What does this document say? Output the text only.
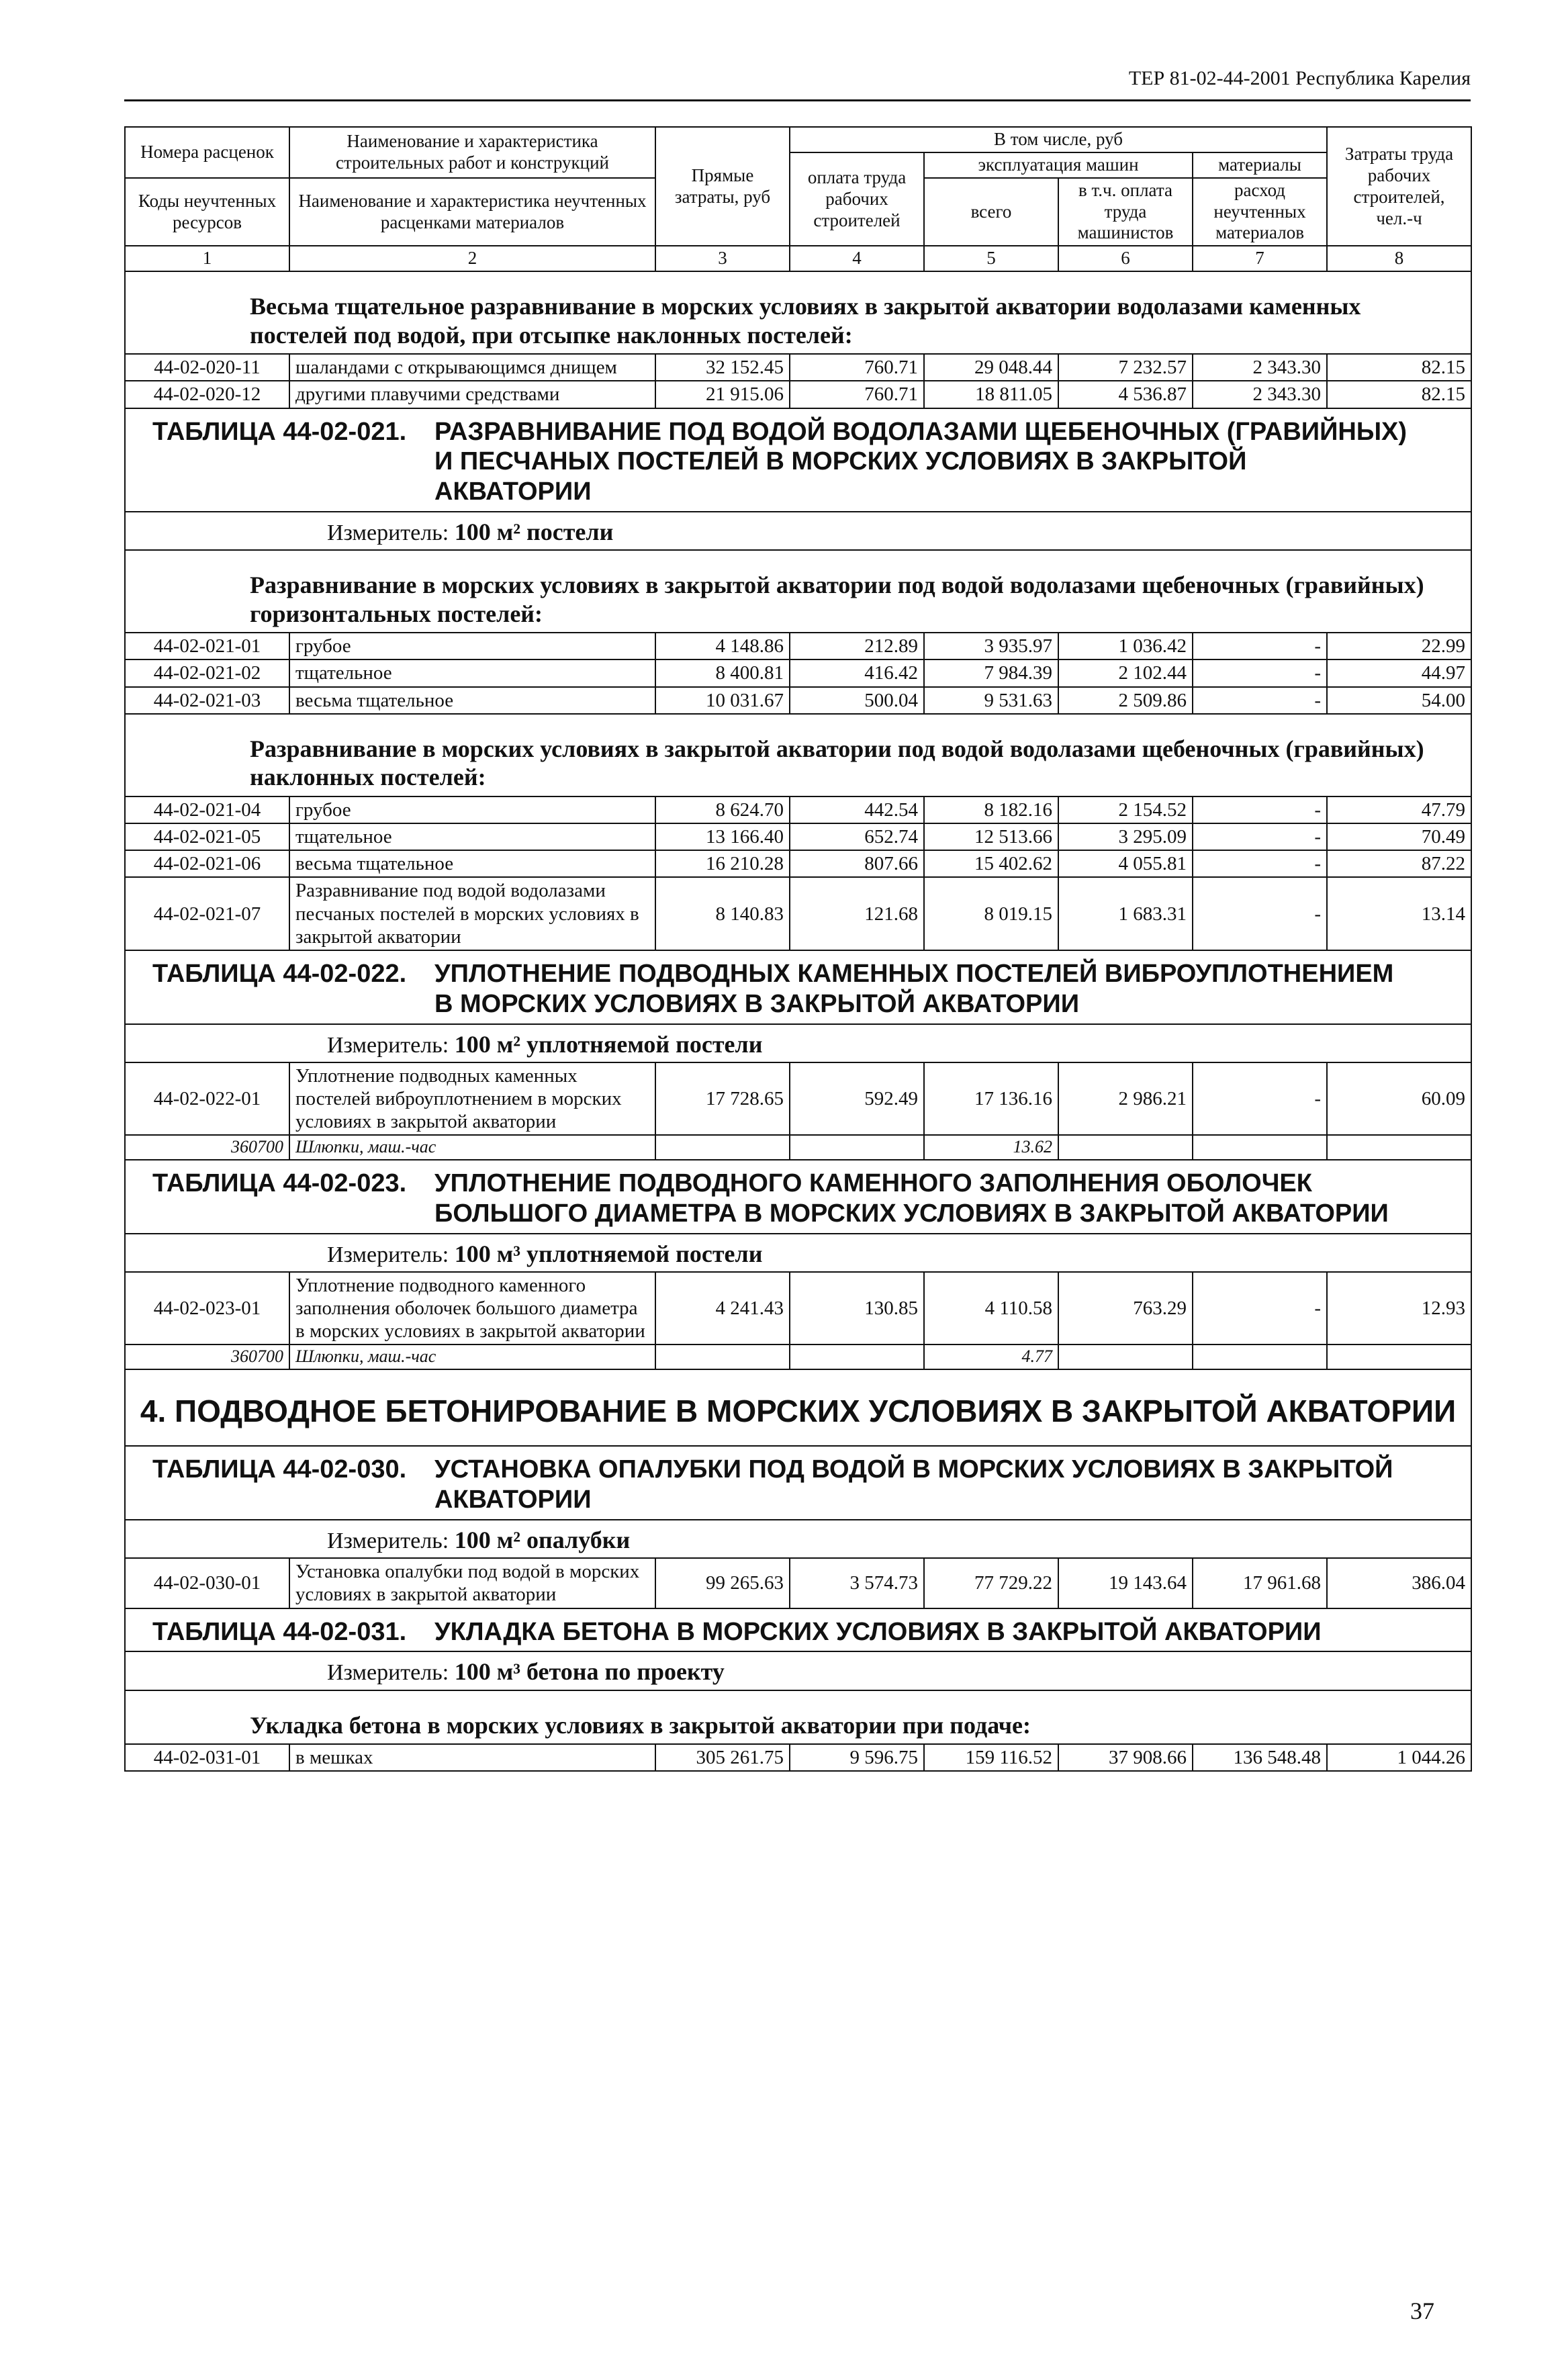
ТЕР 81-02-44-2001 Республика Карелия
Номера расценок	Наименование и характеристика строительных работ и конструкций	Прямые затраты, руб	В том числе, руб				Затраты труда рабочих строителей, чел.-ч
			оплата труда рабочих строителей	эксплуатация машин		материалы	
Коды неучтенных ресурсов	Наименование и характеристика неучтенных расценками материалов			всего	в т.ч. оплата труда машинистов	расход неучтенных материалов	

1	2	3	4	5	6	7	8
Весьма тщательное разравнивание в морских условиях в закрытой акватории водолазами каменных постелей под водой, при отсыпке наклонных постелей:							
44-02-020-11	шаландами с открывающимся днищем	32 152.45	760.71	29 048.44	7 232.57	2 343.30	82.15
44-02-020-12	другими плавучими средствами	21 915.06	760.71	18 811.05	4 536.87	2 343.30	82.15
ТАБЛИЦА 44-02-021. РАЗРАВНИВАНИЕ ПОД ВОДОЙ ВОДОЛАЗАМИ ЩЕБЕНОЧНЫХ (ГРАВИЙНЫХ) И ПЕСЧАНЫХ ПОСТЕЛЕЙ В МОРСКИХ УСЛОВИЯХ В ЗАКРЫТОЙ АКВАТОРИИ							
Измеритель: 100 м² постели							
Разравнивание в морских условиях в закрытой акватории под водой водолазами щебеночных (гравийных) горизонтальных постелей:							
44-02-021-01	грубое	4 148.86	212.89	3 935.97	1 036.42	-	22.99
44-02-021-02	тщательное	8 400.81	416.42	7 984.39	2 102.44	-	44.97
44-02-021-03	весьма тщательное	10 031.67	500.04	9 531.63	2 509.86	-	54.00
Разравнивание в морских условиях в закрытой акватории под водой водолазами щебеночных (гравийных) наклонных постелей:							
44-02-021-04	грубое	8 624.70	442.54	8 182.16	2 154.52	-	47.79
44-02-021-05	тщательное	13 166.40	652.74	12 513.66	3 295.09	-	70.49
44-02-021-06	весьма тщательное	16 210.28	807.66	15 402.62	4 055.81	-	87.22
44-02-021-07	Разравнивание под водой водолазами песчаных постелей в морских условиях в закрытой акватории	8 140.83	121.68	8 019.15	1 683.31	-	13.14
ТАБЛИЦА 44-02-022. УПЛОТНЕНИЕ ПОДВОДНЫХ КАМЕННЫХ ПОСТЕЛЕЙ ВИБРОУПЛОТНЕНИЕМ В МОРСКИХ УСЛОВИЯХ В ЗАКРЫТОЙ АКВАТОРИИ							
Измеритель: 100 м² уплотняемой постели							
44-02-022-01	Уплотнение подводных каменных постелей виброуплотнением в морских условиях в закрытой акватории	17 728.65	592.49	17 136.16	2 986.21	-	60.09
360700	Шлюпки, маш.-час			13.62			
ТАБЛИЦА 44-02-023. УПЛОТНЕНИЕ ПОДВОДНОГО КАМЕННОГО ЗАПОЛНЕНИЯ ОБОЛОЧЕК БОЛЬШОГО ДИАМЕТРА В МОРСКИХ УСЛОВИЯХ В ЗАКРЫТОЙ АКВАТОРИИ							
Измеритель: 100 м³ уплотняемой постели							
44-02-023-01	Уплотнение подводного каменного заполнения оболочек большого диаметра в морских условиях в закрытой акватории	4 241.43	130.85	4 110.58	763.29	-	12.93
360700	Шлюпки, маш.-час			4.77			
4. ПОДВОДНОЕ БЕТОНИРОВАНИЕ В МОРСКИХ УСЛОВИЯХ В ЗАКРЫТОЙ АКВАТОРИИ							
ТАБЛИЦА 44-02-030. УСТАНОВКА ОПАЛУБКИ ПОД ВОДОЙ В МОРСКИХ УСЛОВИЯХ В ЗАКРЫТОЙ АКВАТОРИИ							
Измеритель: 100 м² опалубки							
44-02-030-01	Установка опалубки под водой в морских условиях в закрытой акватории	99 265.63	3 574.73	77 729.22	19 143.64	17 961.68	386.04
ТАБЛИЦА 44-02-031. УКЛАДКА БЕТОНА В МОРСКИХ УСЛОВИЯХ В ЗАКРЫТОЙ АКВАТОРИИ							
Измеритель: 100 м³ бетона по проекту							
Укладка бетона в морских условиях в закрытой акватории при подаче:							
44-02-031-01	в мешках	305 261.75	9 596.75	159 116.52	37 908.66	136 548.48	1 044.26
37
